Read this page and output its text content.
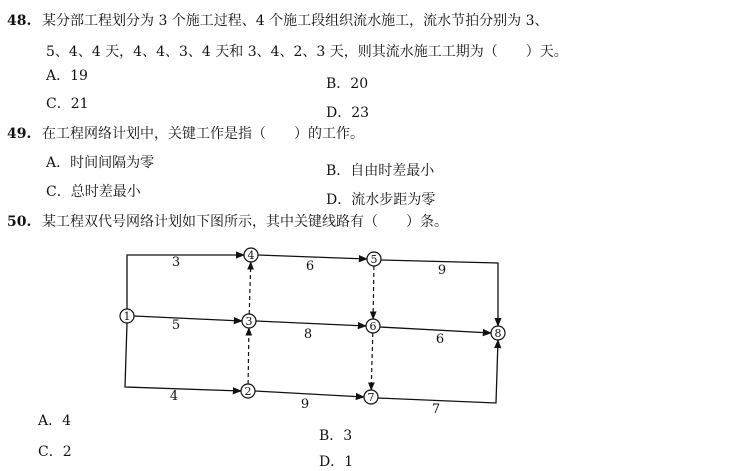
48. 某分部工程划分为 3 个施工过程、4 个施工段组织流水施工，流水节拍分别为 3、
5、4、4 天，4、4、3、4 天和 3、4、2、3 天，则其流水施工工期为（　　）天。
A．19	B．20
C．21
D．23
49. 在工程网络计划中，关键工作是指（　　）的工作。
A．时间间隔为零	B．自由时差最小
C．总时差最小	D．流水步距为零
50. 某工程双代号网络计划如下图所示，其中关键线路有（　　）条。
3	6	9
5
8	6
4
9	7
1
2
3
4	5
6
7
8
A．4
B．3
C．2
D．1
